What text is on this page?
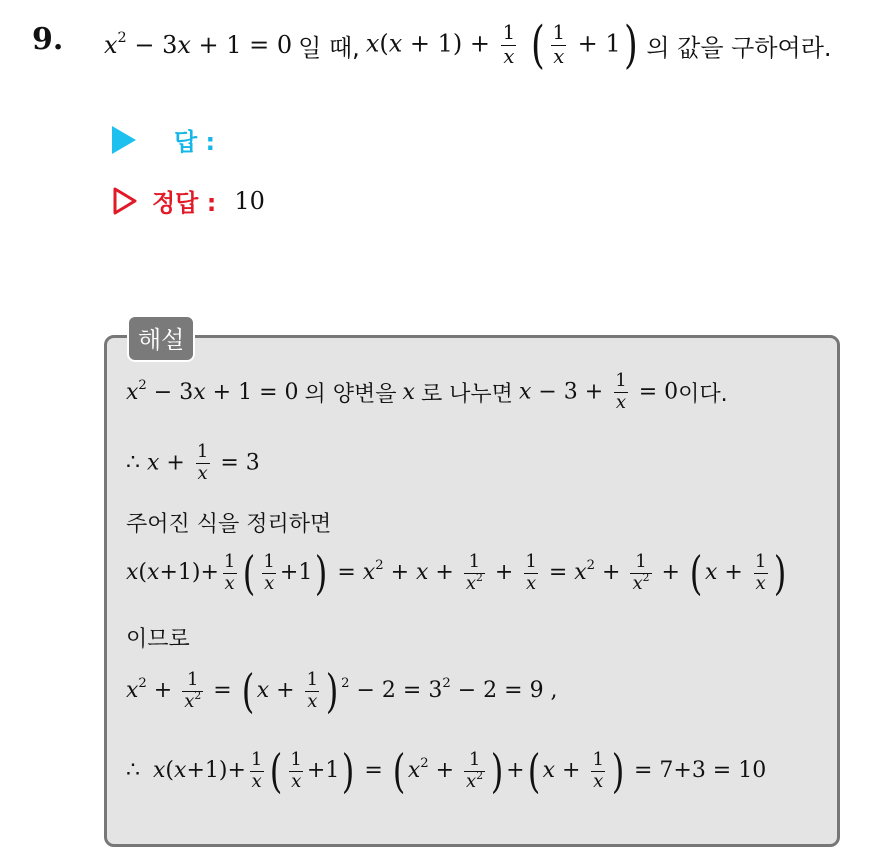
9. $x^2 - 3x + 1 = 0$ 일 때, $x(x + 1) + \frac{1}{x}$ ( $\frac{1}{x} + 1$) 의 값을 구하여라.
답 :
정답 : 10
해설
$x^2 - 3x + 1 = 0$ 의 양변을 x 로 나누면 $x - 3 + \frac{1}{x} = 0$ 이다.
∴ $x + \frac{1}{x} = 3$
주어진 식을 정리하면
$x(x+1)+ \frac{1}{x}$ ( $\frac{1}{x} +1) = x^2 + x + \frac{1}{x^2} + \frac{1}{x} = x^2 + \frac{1}{x^2}$ + ( $x + \frac{1}{x}$ )
이므로
$x^2 + \frac{1}{x^2}$ = ( $x + \frac{1}{x}$ ) $^2 - 2 = 3^2 - 2 = 9$ ,
∴ $x(x+1)+ \frac{1}{x}$ ( $\frac{1}{x} +1$) = ( $x^2 + \frac{1}{x^2}$ ) +( $x + \frac{1}{x}$ ) = 7+3 = 10
